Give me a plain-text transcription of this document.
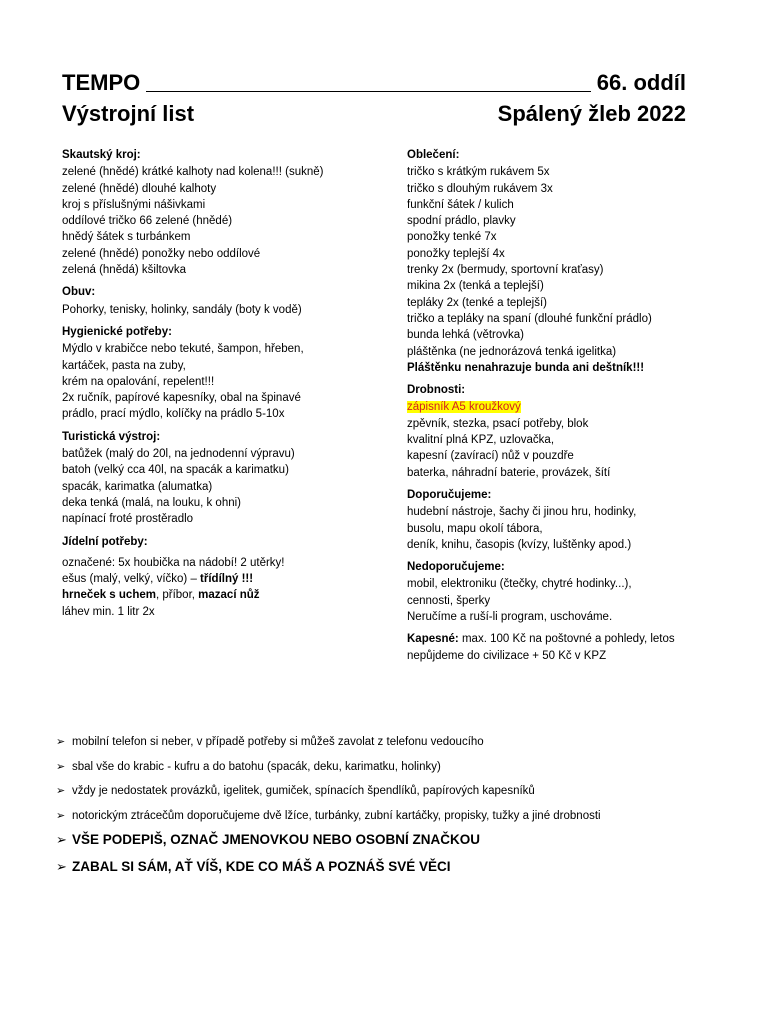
TEMPO	66. oddíl
Výstrojní list	Spálený žleb 2022
Skautský kroj:
zelené (hnědé) krátké kalhoty nad kolena!!! (sukně)
zelené (hnědé) dlouhé kalhoty
kroj s příslušnými nášivkami
oddílové tričko 66 zelené (hnědé)
hnědý šátek s turbánkem
zelené (hnědé) ponožky nebo oddílové
zelená (hnědá) kšiltovka
Obuv:
Pohorky, tenisky, holinky, sandály (boty k vodě)
Hygienické potřeby:
Mýdlo v krabičce nebo tekuté, šampon, hřeben,
kartáček, pasta na zuby,
krém na opalování, repelent!!!
2x ručník, papírové kapesníky, obal na špinavé
prádlo, prací mýdlo, kolíčky na prádlo 5-10x
Turistická výstroj:
batůžek (malý do 20l, na jednodenní výpravu)
batoh (velký cca 40l, na spacák a karimatku)
spacák, karimatka (alumatka)
deka tenká (malá, na louku, k ohni)
napínací froté prostěradlo
Jídelní potřeby:
označené: 5x houbička na nádobí! 2 utěrky!
ešus (malý, velký, víčko) – třídílný !!!
hrneček s uchem, příbor, mazací nůž
láhev min. 1 litr 2x
Oblečení:
tričko s krátkým rukávem 5x
tričko s dlouhým rukávem 3x
funkční šátek / kulich
spodní prádlo, plavky
ponožky tenké 7x
ponožky teplejší 4x
trenky 2x (bermudy, sportovní kraťasy)
mikina 2x (tenká a teplejší)
tepláky 2x (tenké a teplejší)
tričko a tepláky na spaní (dlouhé funkční prádlo)
bunda lehká (větrovka)
pláštěnka (ne jednorázová tenká igelitka)
Pláštěnku nenahrazuje bunda ani deštník!!!
Drobnosti:
zápisník A5 kroužkový
zpěvník, stezka, psací potřeby, blok
kvalitní plná KPZ, uzlovačka,
kapesní (zavírací) nůž v pouzdře
baterka, náhradní baterie, provázek, šítí
Doporučujeme:
hudební nástroje, šachy či jinou hru, hodinky,
busolu, mapu okolí tábora,
deník, knihu, časopis (kvízy, luštěnky apod.)
Nedoporučujeme:
mobil, elektroniku (čtečky, chytré hodinky...),
cennosti, šperky
Neručíme a ruší-li program, uschováme.
Kapesné: max. 100 Kč na poštovné a pohledy, letos
nepůjdeme do civilizace + 50 Kč v KPZ
➢ mobilní telefon si neber, v případě potřeby si můžeš zavolat z telefonu vedoucího
➢ sbal vše do krabic - kufru a do batohu (spacák, deku, karimatku, holinky)
➢ vždy je nedostatek provázků, igelitek, gumiček, spínacích špendlíků, papírových kapesníků
➢ notorickým ztrácečům doporučujeme dvě lžíce, turbánky, zubní kartáčky, propisky, tužky a jiné drobnosti
➢ VŠE PODEPIŠ, OZNAČ JMENOVKOU NEBO OSOBNÍ ZNAČKOU
➢ ZABAL SI SÁM, AŤ VÍŠ, KDE CO MÁŠ A POZNÁŠ SVÉ VĚCI
